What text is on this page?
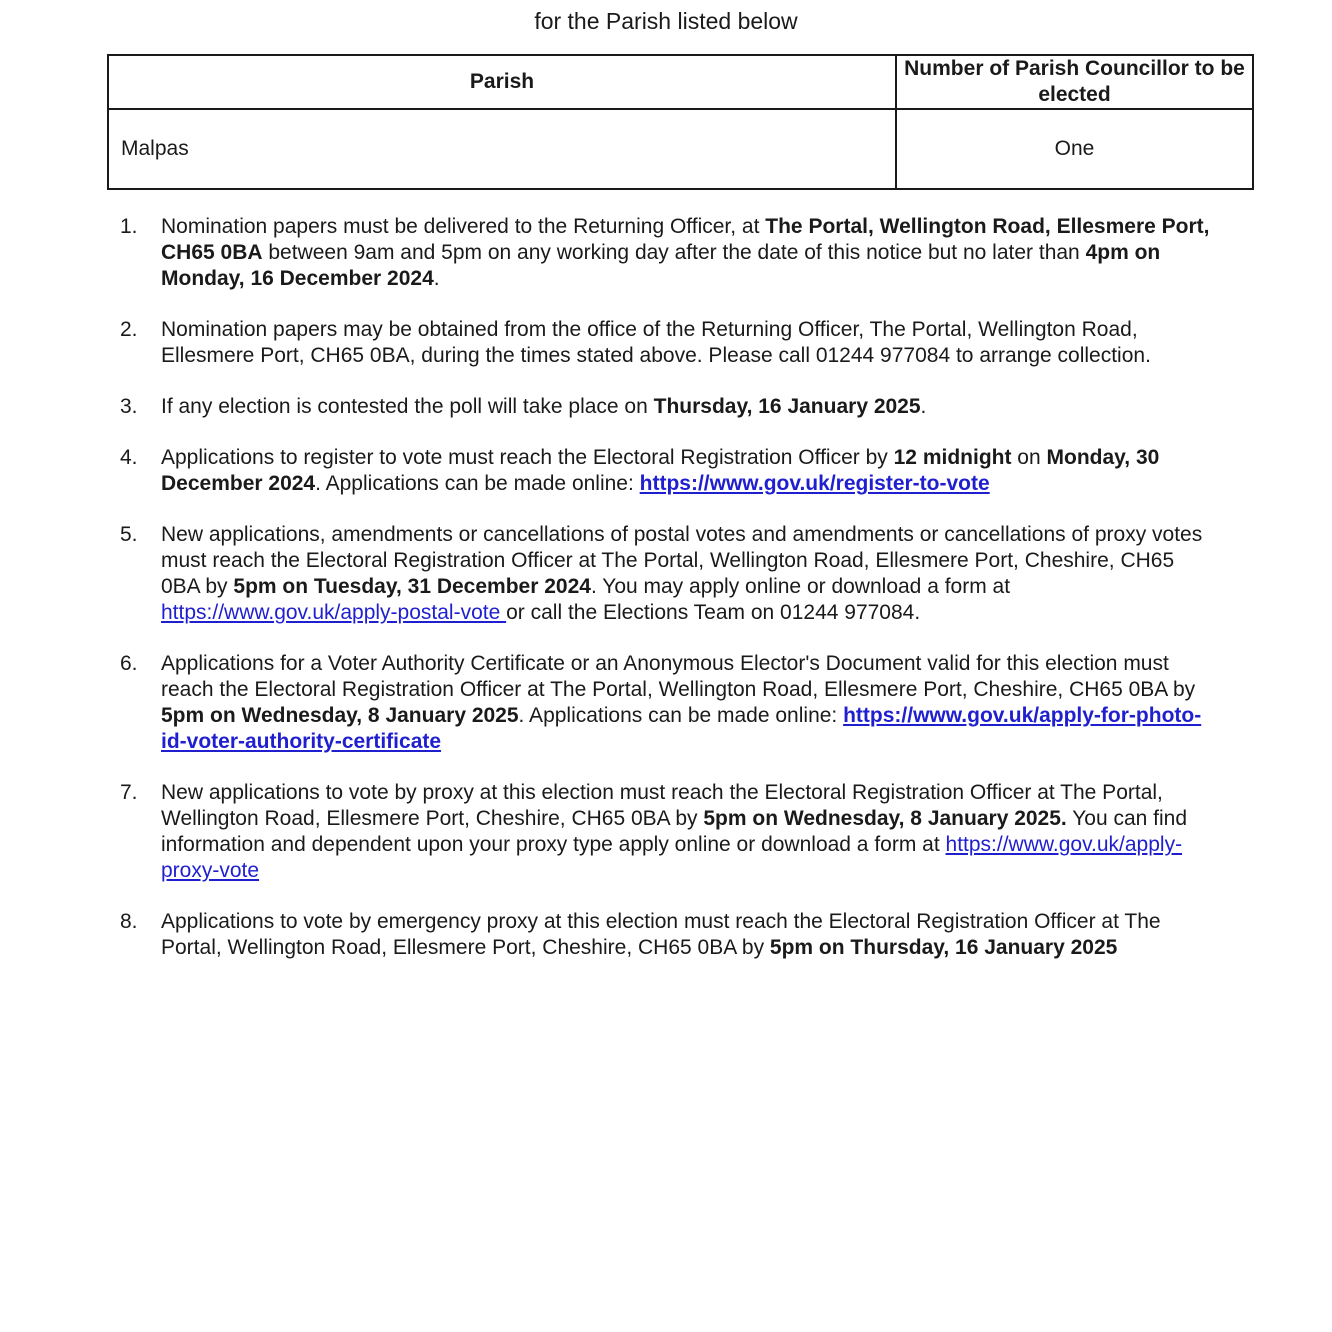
for the Parish listed below
Parish	Number of Parish Councillor to be elected
Malpas	One
1. Nomination papers must be delivered to the Returning Officer, at The Portal, Wellington Road, Ellesmere Port, CH65 0BA between 9am and 5pm on any working day after the date of this notice but no later than 4pm on Monday, 16 December 2024.
2. Nomination papers may be obtained from the office of the Returning Officer, The Portal, Wellington Road, Ellesmere Port, CH65 0BA, during the times stated above. Please call 01244 977084 to arrange collection.
3. If any election is contested the poll will take place on Thursday, 16 January 2025.
4. Applications to register to vote must reach the Electoral Registration Officer by 12 midnight on Monday, 30 December 2024. Applications can be made online: https://www.gov.uk/register-to-vote
5. New applications, amendments or cancellations of postal votes and amendments or cancellations of proxy votes must reach the Electoral Registration Officer at The Portal, Wellington Road, Ellesmere Port, Cheshire, CH65 0BA by 5pm on Tuesday, 31 December 2024. You may apply online or download a form at https://www.gov.uk/apply-postal-vote or call the Elections Team on 01244 977084.
6. Applications for a Voter Authority Certificate or an Anonymous Elector's Document valid for this election must reach the Electoral Registration Officer at The Portal, Wellington Road, Ellesmere Port, Cheshire, CH65 0BA by 5pm on Wednesday, 8 January 2025. Applications can be made online: https://www.gov.uk/apply-for-photo-id-voter-authority-certificate
7. New applications to vote by proxy at this election must reach the Electoral Registration Officer at The Portal, Wellington Road, Ellesmere Port, Cheshire, CH65 0BA by 5pm on Wednesday, 8 January 2025. You can find information and dependent upon your proxy type apply online or download a form at https://www.gov.uk/apply-proxy-vote
8. Applications to vote by emergency proxy at this election must reach the Electoral Registration Officer at The Portal, Wellington Road, Ellesmere Port, Cheshire, CH65 0BA by 5pm on Thursday, 16 January 2025
